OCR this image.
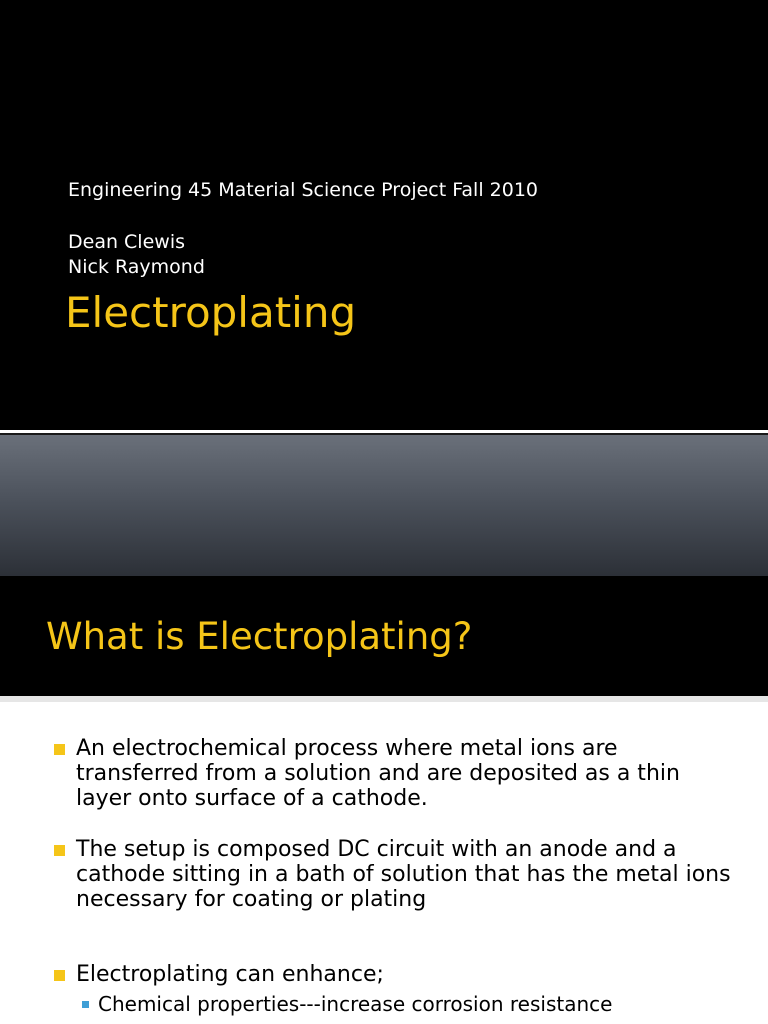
Engineering 45 Material Science Project Fall 2010

Dean Clewis

Nick Raymond

Electroplating
What is Electroplating?
An electrochemical process where metal ions are transferred from a solution and are deposited as a thin layer onto surface of a cathode.
The setup is composed DC circuit with an anode and a cathode sitting in a bath of solution that has the metal ions necessary for coating or plating
Electroplating can enhance;
Chemical properties---increase corrosion resistance
